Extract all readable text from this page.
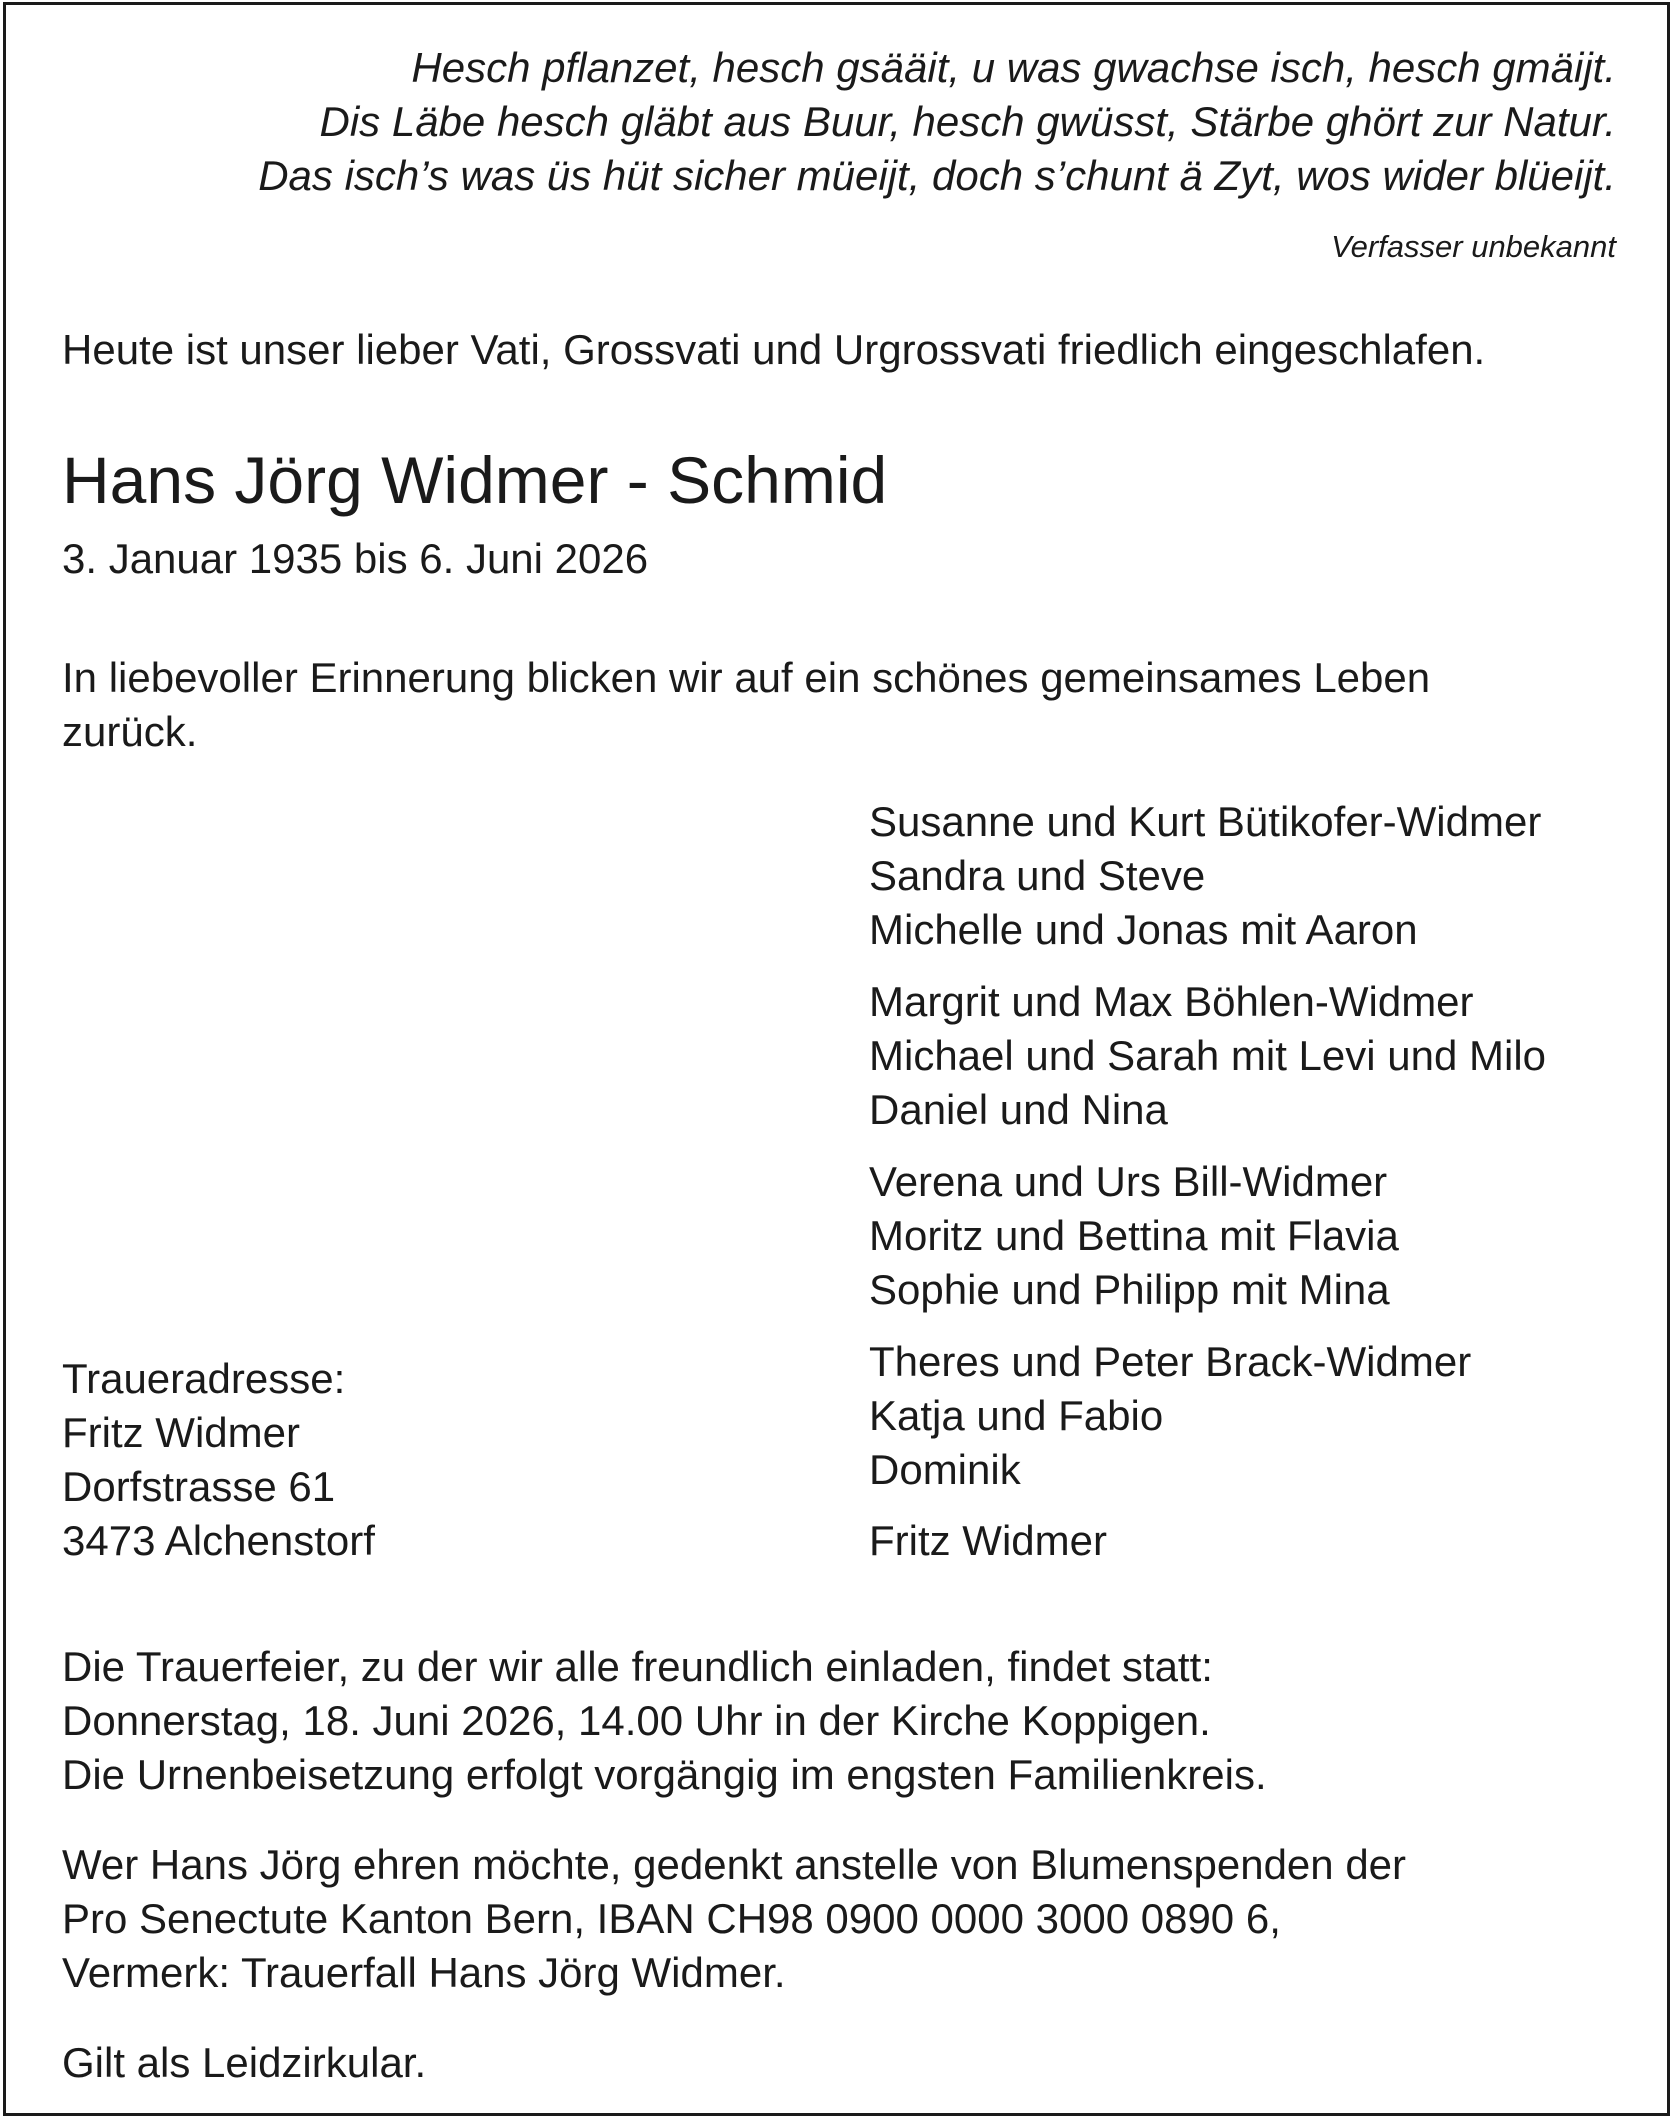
Hesch pflanzet, hesch gsääit, u was gwachse isch, hesch gmäijt.

Dis Läbe hesch gläbt aus Buur, hesch gwüsst, Stärbe ghört zur Natur.

Das isch’s was üs hüt sicher müeijt, doch s’chunt ä Zyt, wos wider blüeijt.

Verfasser unbekannt

Heute ist unser lieber Vati, Grossvati und Urgrossvati friedlich eingeschlafen.

Hans Jörg Widmer - Schmid

3. Januar 1935 bis 6. Juni 2026

In liebevoller Erinnerung blicken wir auf ein schönes gemeinsames Leben

zurück.

Susanne und Kurt Bütikofer-Widmer

Sandra und Steve

Michelle und Jonas mit Aaron

Margrit und Max Böhlen-Widmer

Michael und Sarah mit Levi und Milo

Daniel und Nina

Verena und Urs Bill-Widmer

Moritz und Bettina mit Flavia

Sophie und Philipp mit Mina

Theres und Peter Brack-Widmer

Katja und Fabio

Dominik

Fritz Widmer

Traueradresse:

Fritz Widmer

Dorfstrasse 61

3473 Alchenstorf

Die Trauerfeier, zu der wir alle freundlich einladen, findet statt:

Donnerstag, 18. Juni 2026, 14.00 Uhr in der Kirche Koppigen.

Die Urnenbeisetzung erfolgt vorgängig im engsten Familienkreis.

Wer Hans Jörg ehren möchte, gedenkt anstelle von Blumenspenden der

Pro Senectute Kanton Bern, IBAN CH98 0900 0000 3000 0890 6,

Vermerk: Trauerfall Hans Jörg Widmer.

Gilt als Leidzirkular.
